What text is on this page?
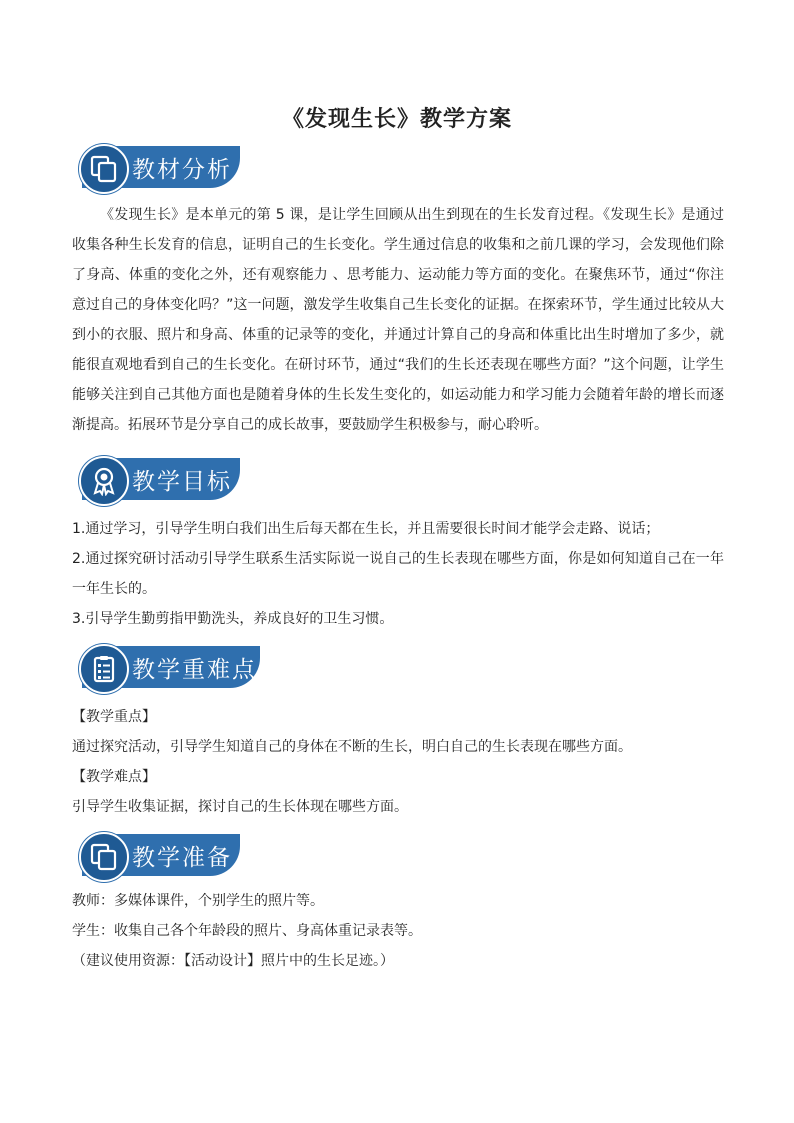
《发现生长》教学方案
教材分析

《发现生长》是本单元的第 5 课，是让学生回顾从出生到现在的生长发育过程。《发现生长》是通过收集各种生长发育的信息，证明自己的生长变化。学生通过信息的收集和之前几课的学习，会发现他们除了身高、体重的变化之外，还有观察能力 、思考能力、运动能力等方面的变化。在聚焦环节，通过“你注意过自己的身体变化吗？”这一问题，激发学生收集自己生长变化的证据。在探索环节，学生通过比较从大到小的衣服、照片和身高、体重的记录等的变化，并通过计算自己的身高和体重比出生时增加了多少，就能很直观地看到自己的生长变化。在研讨环节，通过“我们的生长还表现在哪些方面？”这个问题，让学生能够关注到自己其他方面也是随着身体的生长发生变化的，如运动能力和学习能力会随着年龄的增长而逐渐提高。拓展环节是分享自己的成长故事，要鼓励学生积极参与，耐心聆听。

教学目标

1.通过学习，引导学生明白我们出生后每天都在生长，并且需要很长时间才能学会走路、说话；

2.通过探究研讨活动引导学生联系生活实际说一说自己的生长表现在哪些方面，你是如何知道自己在一年一年生长的。

3.引导学生勤剪指甲勤洗头，养成良好的卫生习惯。

教学重难点

【教学重点】

通过探究活动，引导学生知道自己的身体在不断的生长，明白自己的生长表现在哪些方面。

【教学难点】

引导学生收集证据，探讨自己的生长体现在哪些方面。

教学准备

教师：多媒体课件，个别学生的照片等。

学生：收集自己各个年龄段的照片、身高体重记录表等。

（建议使用资源：【活动设计】照片中的生长足迹。）
